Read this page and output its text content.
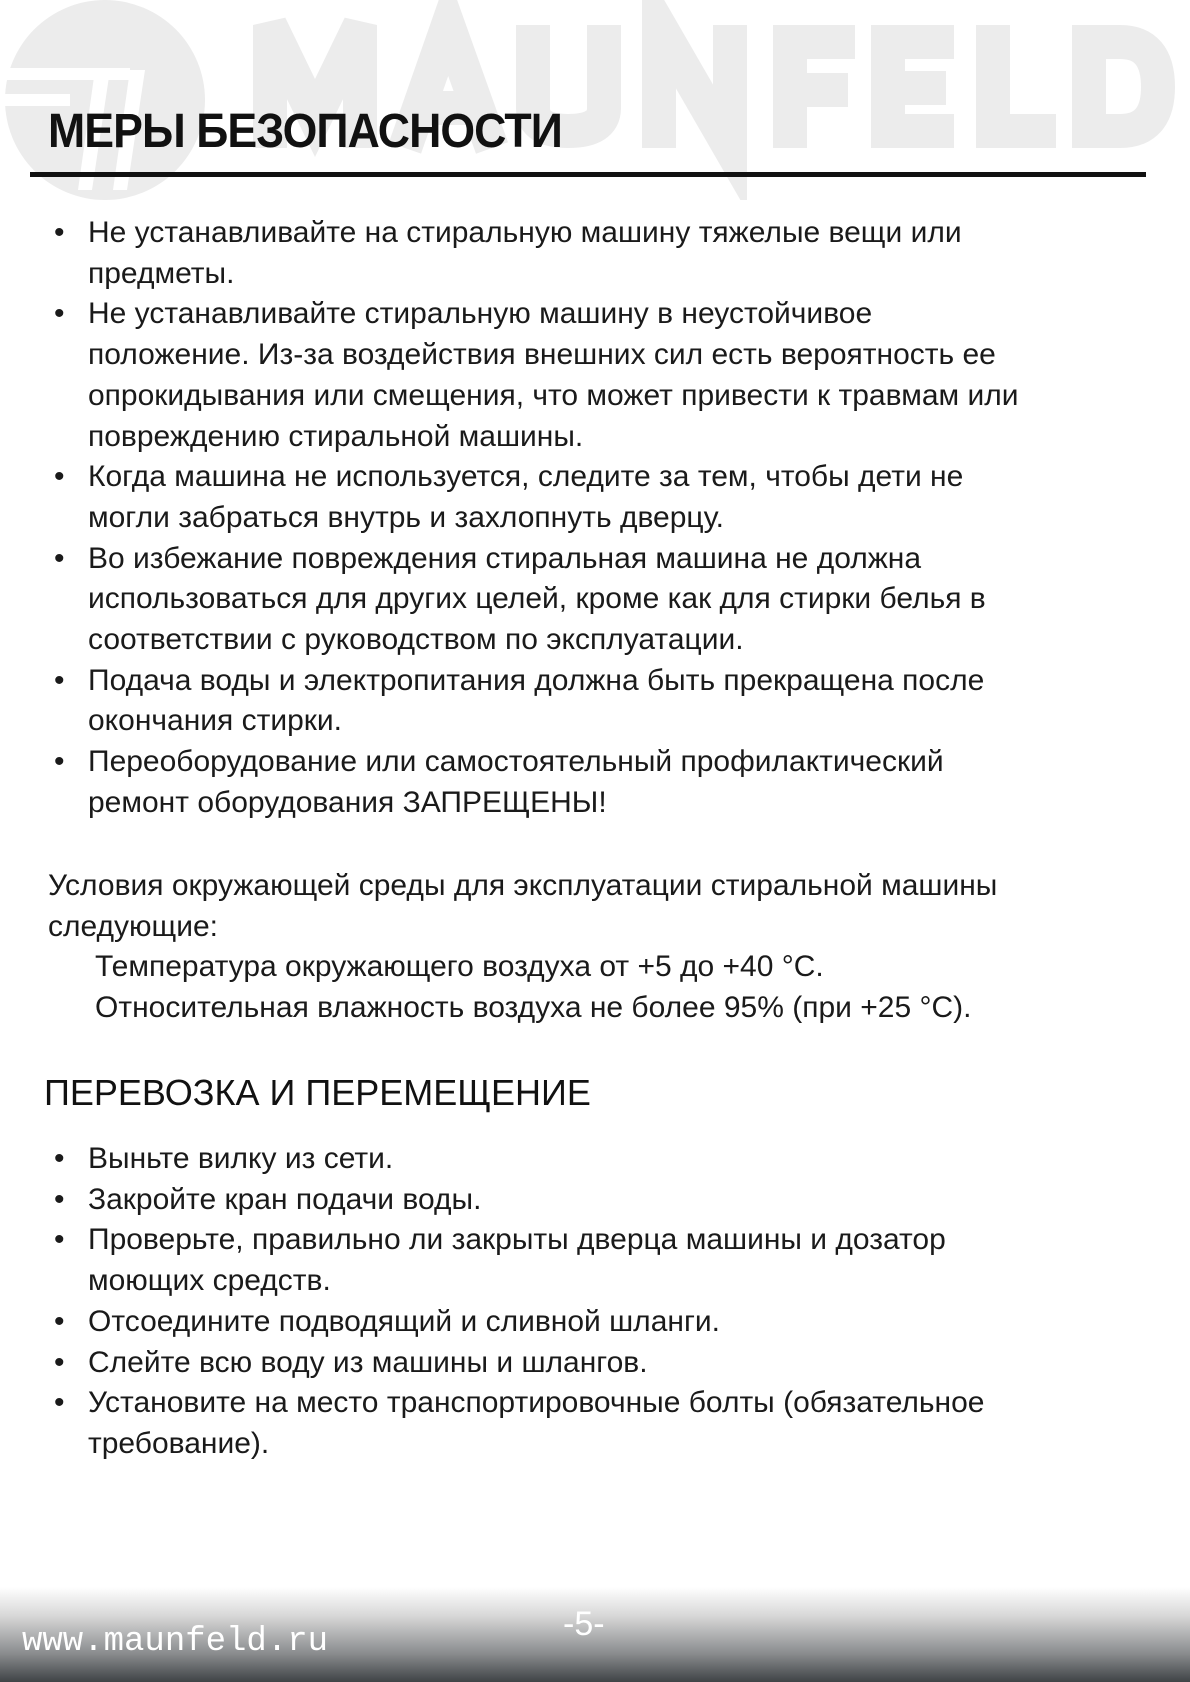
МЕРЫ БЕЗОПАСНОСТИ
• Не устанавливайте на стиральную машину тяжелые вещи или
предметы.
• Не устанавливайте стиральную машину в неустойчивое
положение. Из-за воздействия внешних сил есть вероятность ее
опрокидывания или смещения, что может привести к травмам или
повреждению стиральной машины.
• Когда машина не используется, следите за тем, чтобы дети не
могли забраться внутрь и захлопнуть дверцу.
• Во избежание повреждения стиральная машина не должна
использоваться для других целей, кроме как для стирки белья в
соответствии с руководством по эксплуатации.
• Подача воды и электропитания должна быть прекращена после
окончания стирки.
• Переоборудование или самостоятельный профилактический
ремонт оборудования ЗАПРЕЩЕНЫ!
Условия окружающей среды для эксплуатации стиральной машины
следующие:
Температура окружающего воздуха от +5 до +40 °С.
Относительная влажность воздуха не более 95% (при +25 °С).
ПЕРЕВОЗКА И ПЕРЕМЕЩЕНИЕ
• Выньте вилку из сети.
• Закройте кран подачи воды.
• Проверьте, правильно ли закрыты дверца машины и дозатор
моющих средств.
• Отсоедините подводящий и сливной шланги.
• Слейте всю воду из машины и шлангов.
• Установите на место транспортировочные болты (обязательное
требование).
www.maunfeld.ru	-5-
